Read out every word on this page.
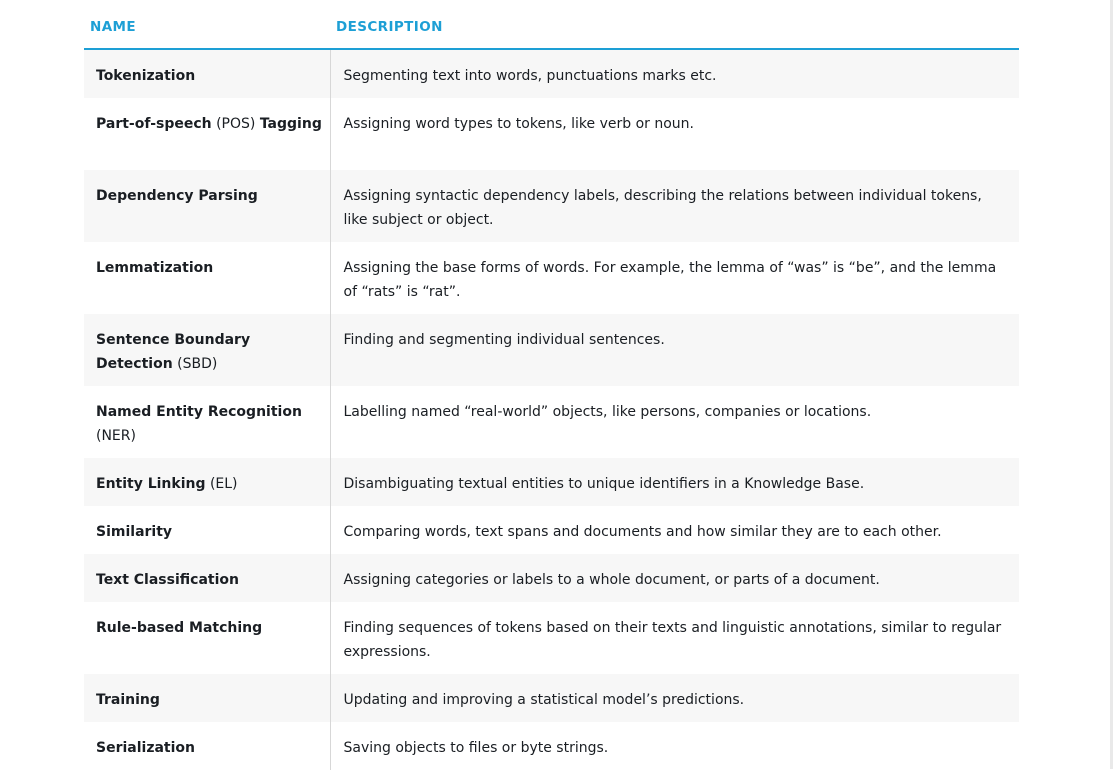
NAME	DESCRIPTION
Tokenization	Segmenting text into words, punctuations marks etc.
Part-of-speech (POS) Tagging	Assigning word types to tokens, like verb or noun.
Dependency Parsing	Assigning syntactic dependency labels, describing the relations between individual tokens, like subject or object.
Lemmatization	Assigning the base forms of words. For example, the lemma of “was” is “be”, and the lemma of “rats” is “rat”.
Sentence Boundary Detection (SBD)	Finding and segmenting individual sentences.
Named Entity Recognition (NER)	Labelling named “real-world” objects, like persons, companies or locations.
Entity Linking (EL)	Disambiguating textual entities to unique identifiers in a Knowledge Base.
Similarity	Comparing words, text spans and documents and how similar they are to each other.
Text Classification	Assigning categories or labels to a whole document, or parts of a document.
Rule-based Matching	Finding sequences of tokens based on their texts and linguistic annotations, similar to regular expressions.
Training	Updating and improving a statistical model’s predictions.
Serialization	Saving objects to files or byte strings.
